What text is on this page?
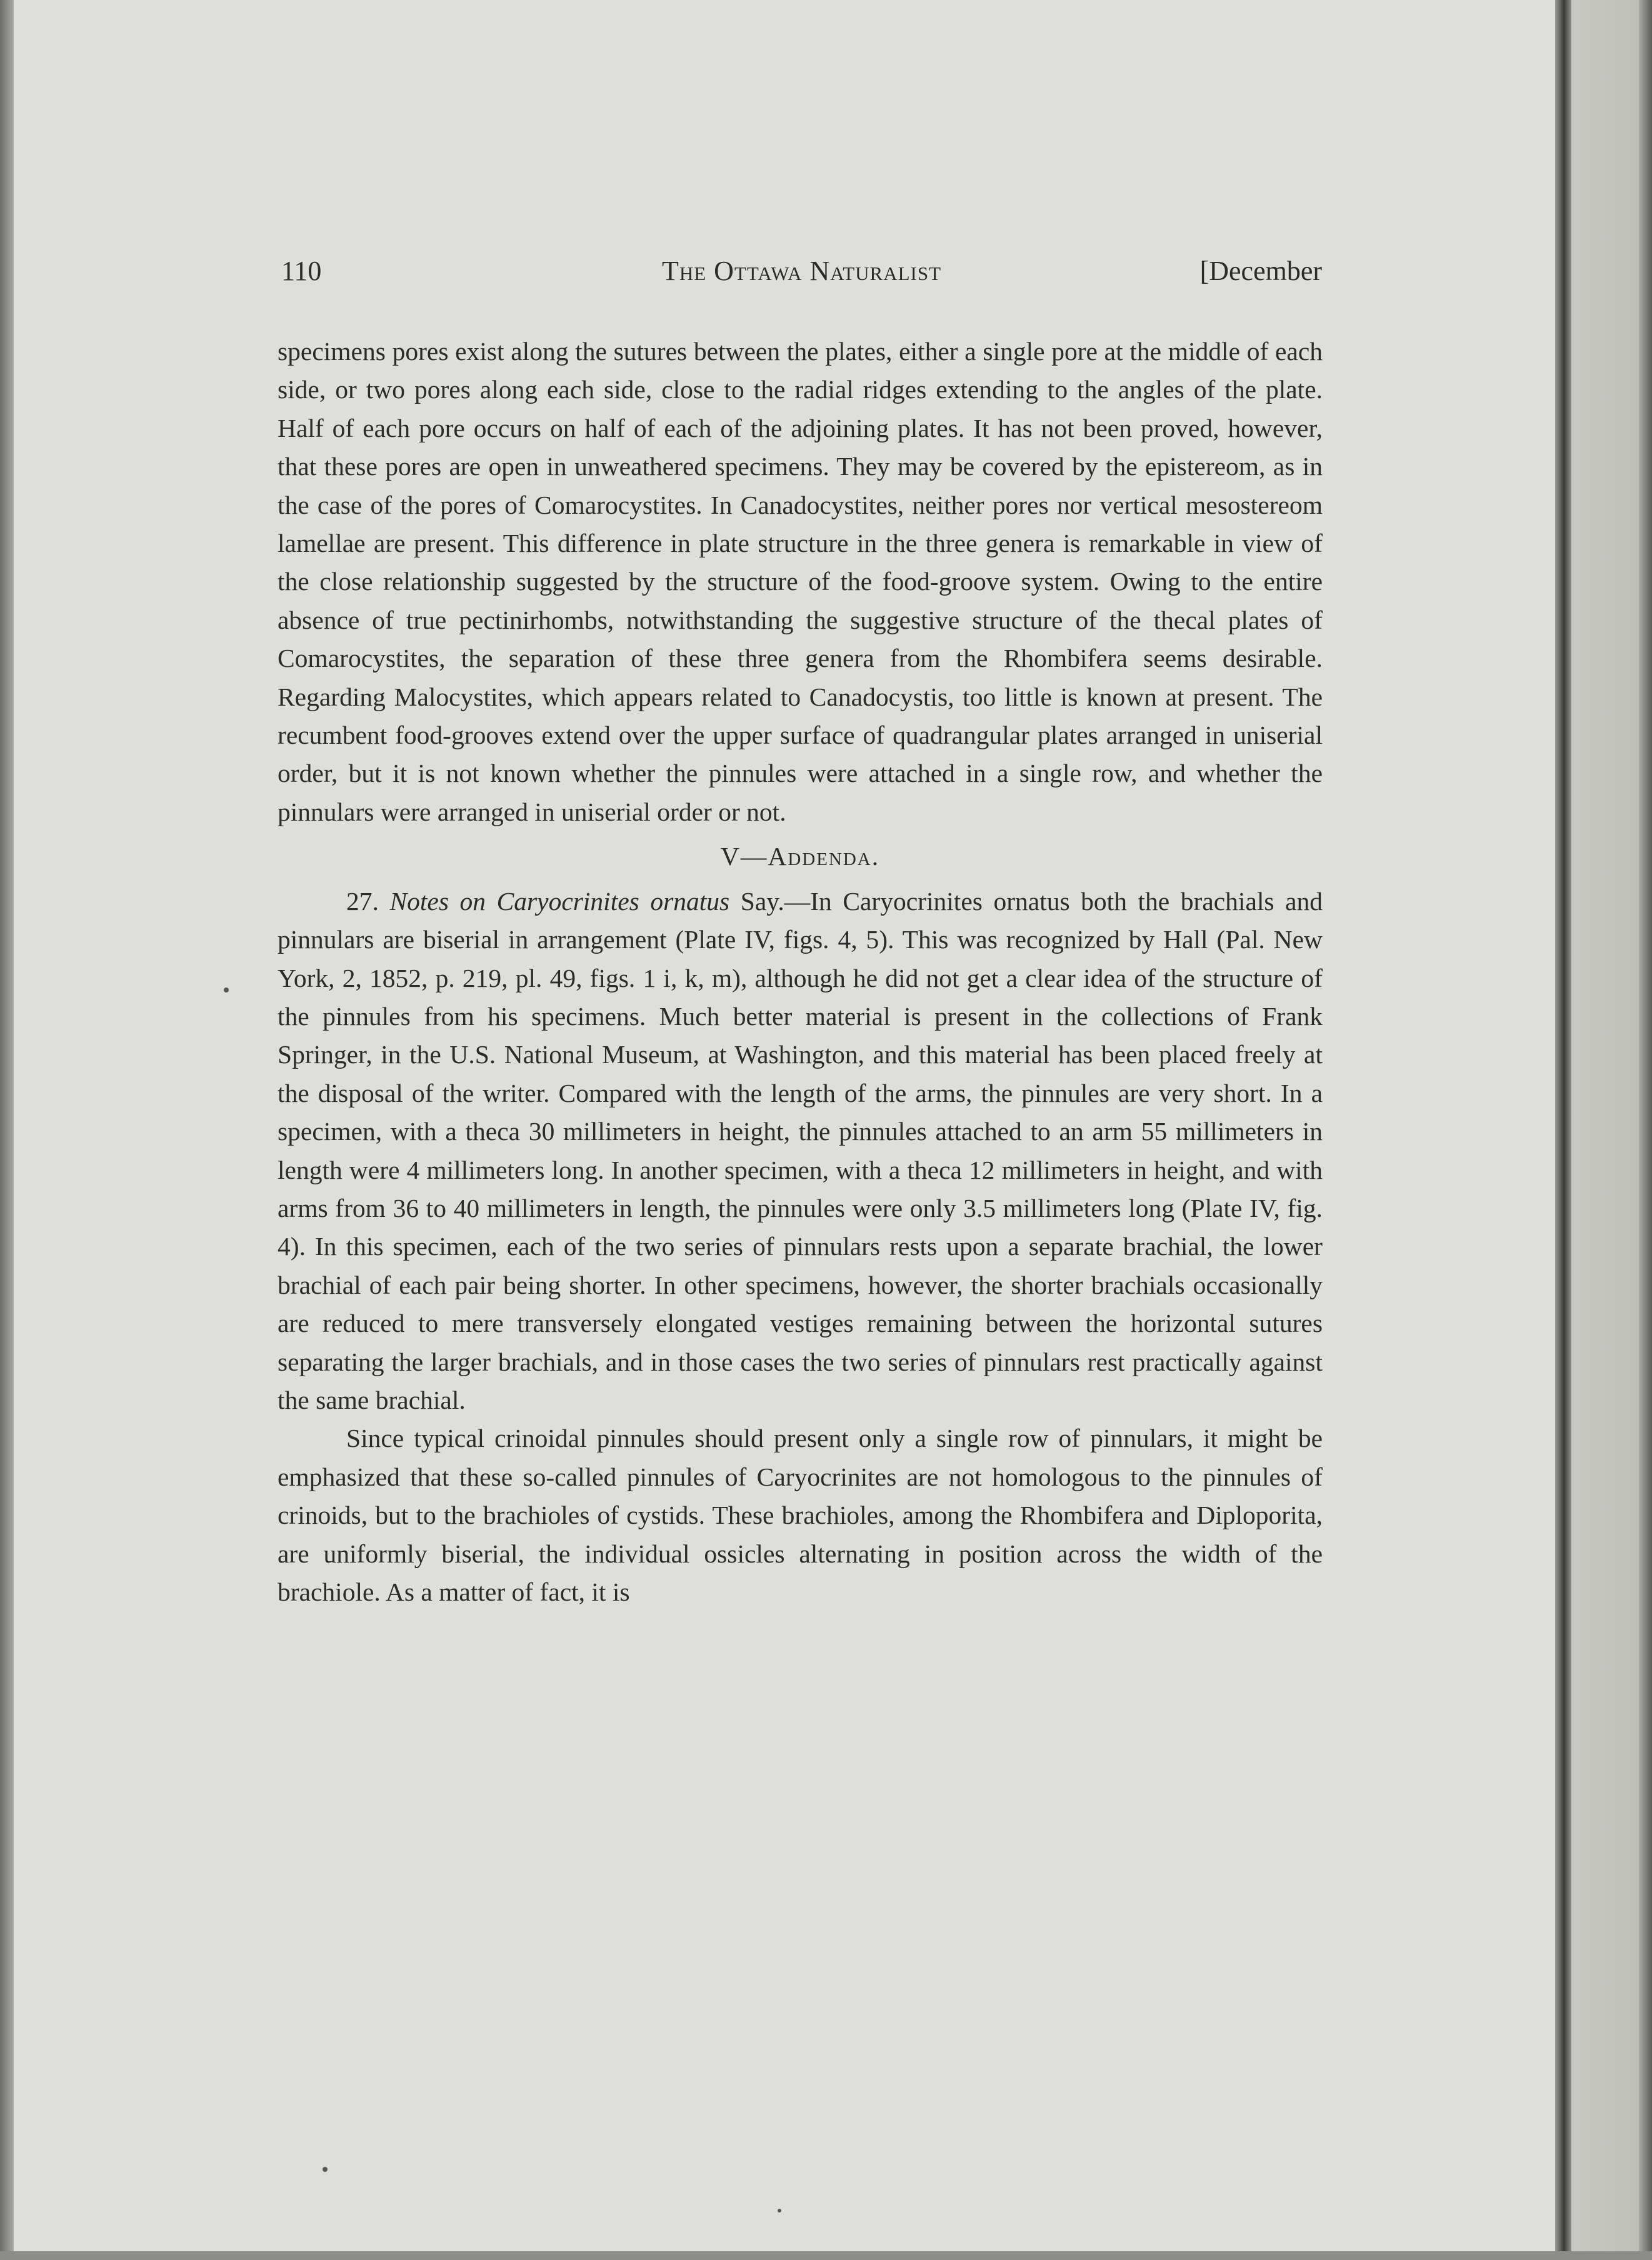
110	The Ottawa Naturalist	[December

specimens pores exist along the sutures between the plates, either a single pore at the middle of each side, or two pores along each side, close to the radial ridges extending to the angles of the plate. Half of each pore occurs on half of each of the adjoining plates. It has not been proved, however, that these pores are open in unweathered specimens. They may be covered by the epistereom, as in the case of the pores of Comarocystites. In Canadocystites, neither pores nor vertical mesostereom lamellae are present. This difference in plate structure in the three genera is remarkable in view of the close relationship suggested by the structure of the food-groove system. Owing to the entire absence of true pectinirhombs, notwithstanding the suggestive structure of the thecal plates of Comarocystites, the separation of these three genera from the Rhombifera seems desirable. Regarding Malocystites, which appears related to Canadocystis, too little is known at present. The recumbent food-grooves extend over the upper surface of quadrangular plates arranged in uniserial order, but it is not known whether the pinnules were attached in a single row, and whether the pinnulars were arranged in uniserial order or not.

V—Addenda.

27. Notes on Caryocrinites ornatus Say.—In Caryocrinites ornatus both the brachials and pinnulars are biserial in arrangement (Plate IV, figs. 4, 5). This was recognized by Hall (Pal. New York, 2, 1852, p. 219, pl. 49, figs. 1 i, k, m), although he did not get a clear idea of the structure of the pinnules from his specimens. Much better material is present in the collections of Frank Springer, in the U.S. National Museum, at Washington, and this material has been placed freely at the disposal of the writer. Compared with the length of the arms, the pinnules are very short. In a specimen, with a theca 30 millimeters in height, the pinnules attached to an arm 55 millimeters in length were 4 millimeters long. In another specimen, with a theca 12 millimeters in height, and with arms from 36 to 40 millimeters in length, the pinnules were only 3.5 millimeters long (Plate IV, fig. 4). In this specimen, each of the two series of pinnulars rests upon a separate brachial, the lower brachial of each pair being shorter. In other specimens, however, the shorter brachials occasionally are reduced to mere transversely elongated vestiges remaining between the horizontal sutures separating the larger brachials, and in those cases the two series of pinnulars rest practically against the same brachial.

Since typical crinoidal pinnules should present only a single row of pinnulars, it might be emphasized that these so-called pinnules of Caryocrinites are not homologous to the pinnules of crinoids, but to the brachioles of cystids. These brachioles, among the Rhombifera and Diploporita, are uniformly biserial, the individual ossicles alternating in position across the width of the brachiole. As a matter of fact, it is
